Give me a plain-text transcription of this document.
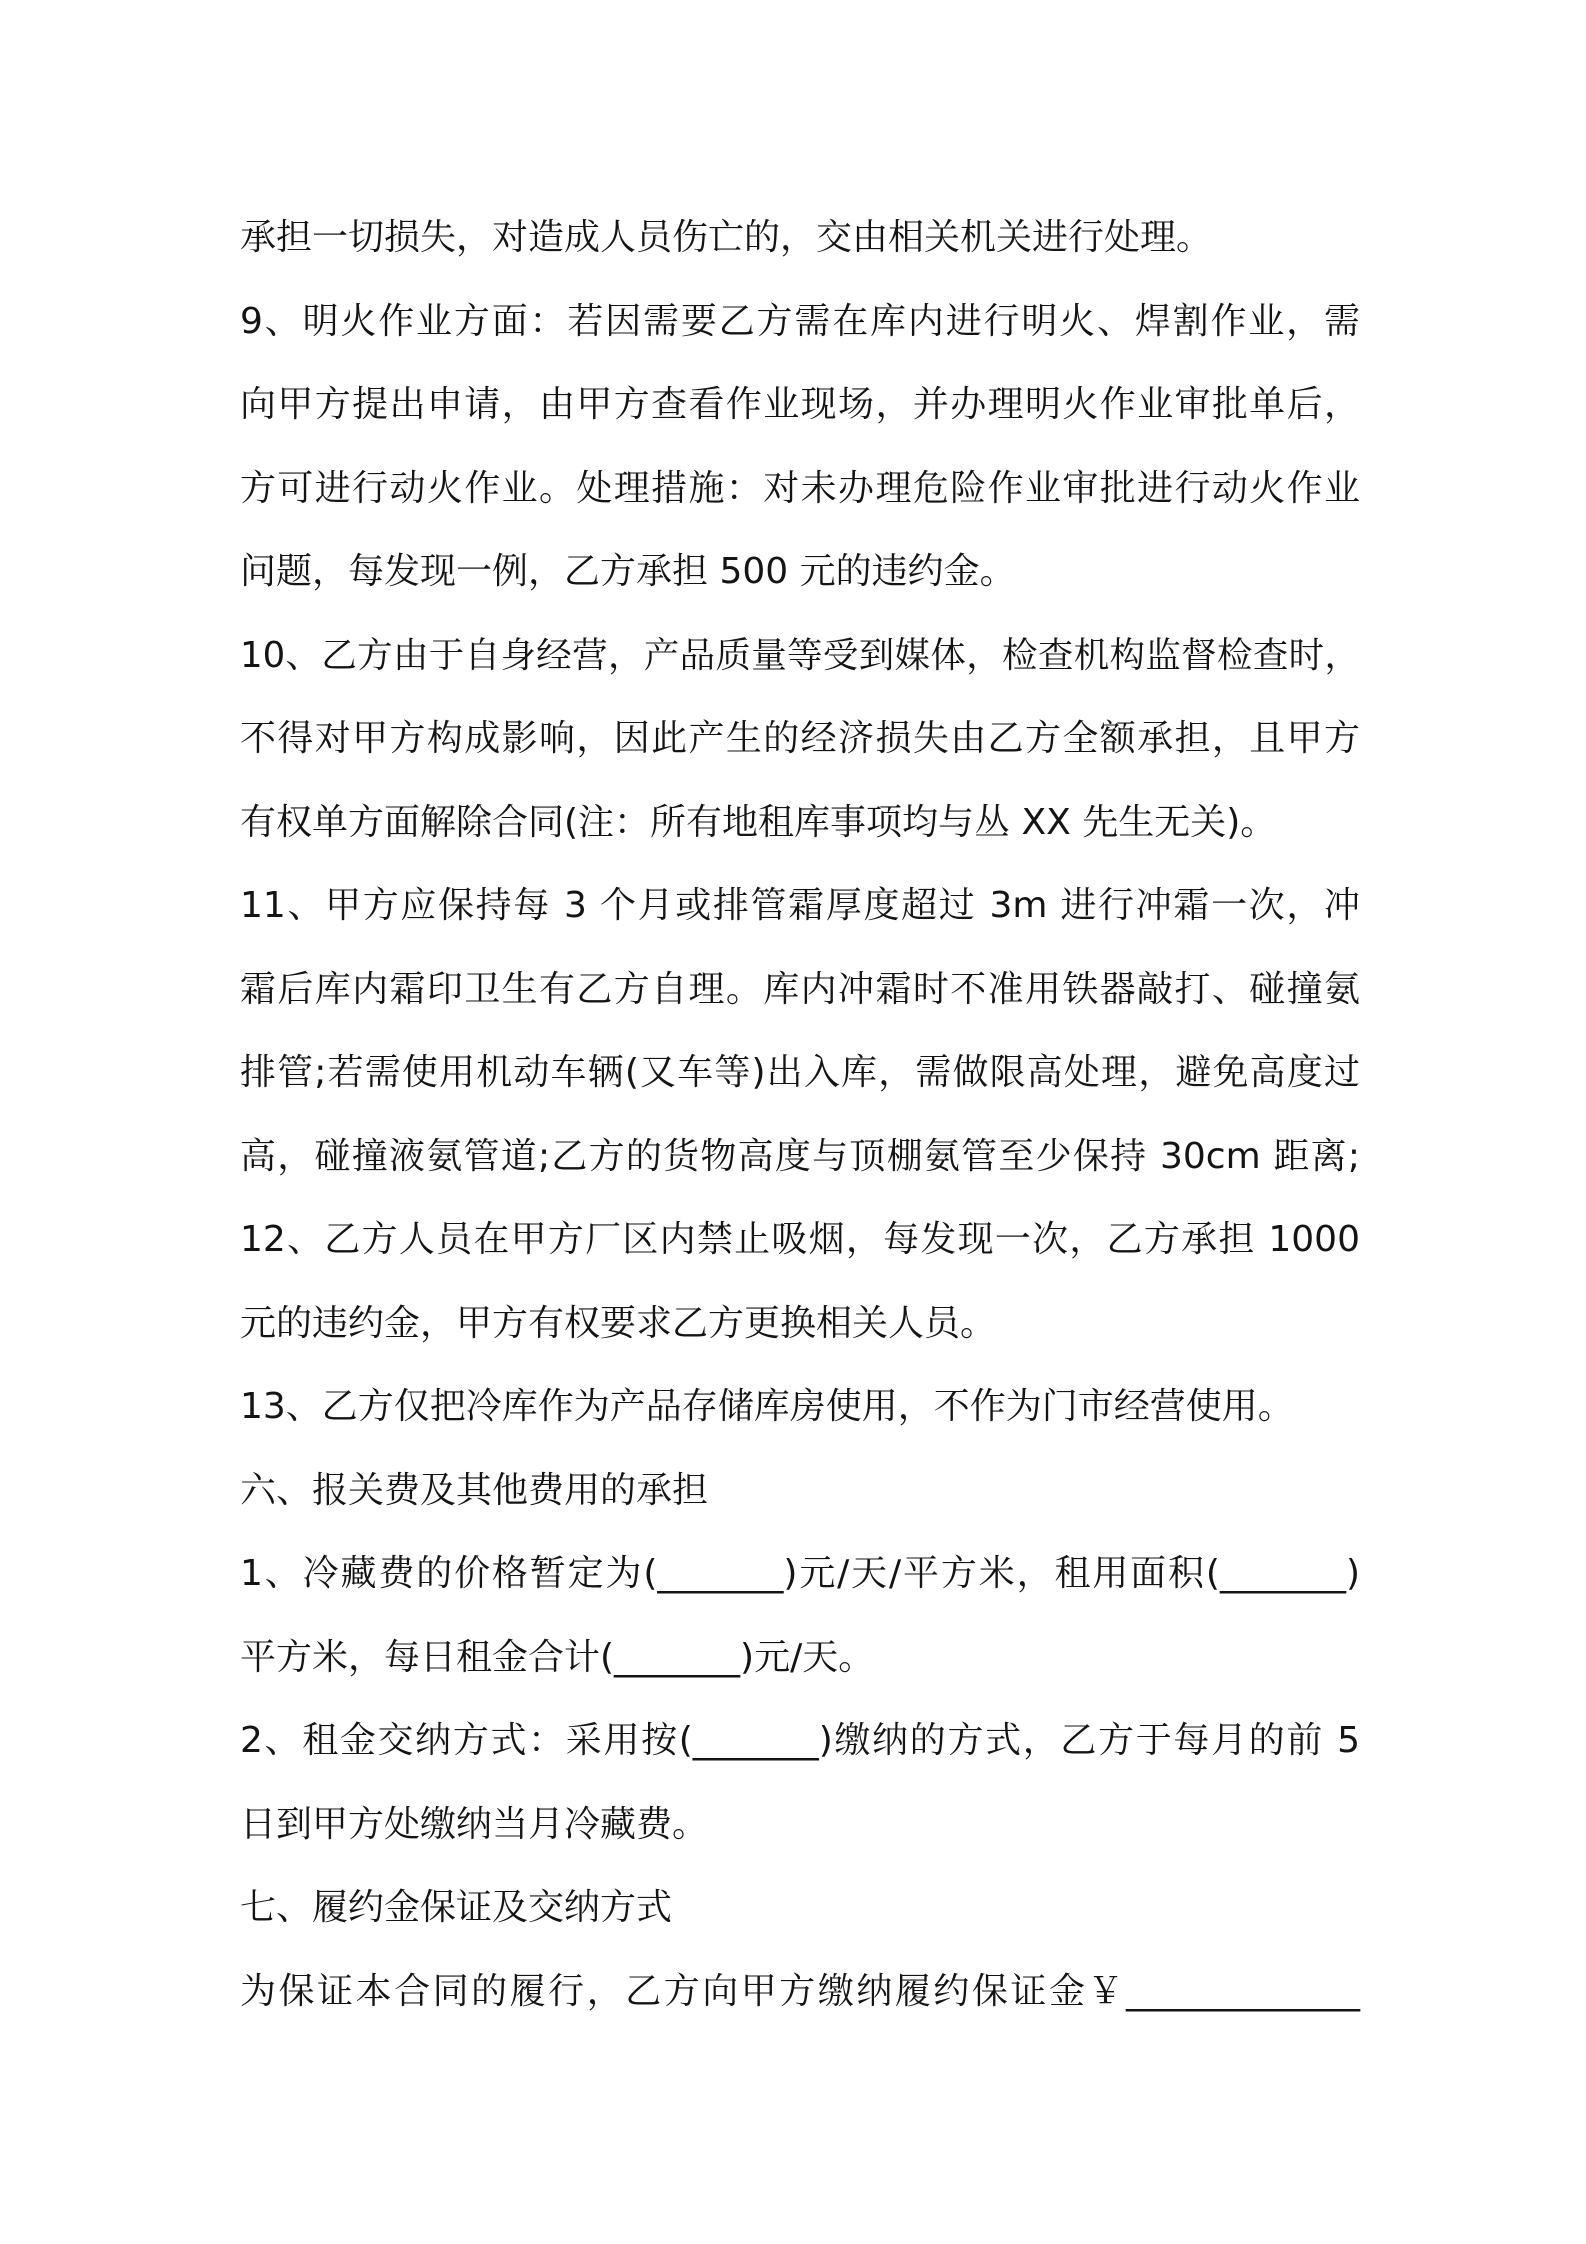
承担一切损失，对造成人员伤亡的，交由相关机关进行处理。
9、明火作业方面：若因需要乙方需在库内进行明火、焊割作业，需
向甲方提出申请，由甲方查看作业现场，并办理明火作业审批单后，
方可进行动火作业。处理措施：对未办理危险作业审批进行动火作业
问题，每发现一例，乙方承担 500 元的违约金。
10、乙方由于自身经营，产品质量等受到媒体，检查机构监督检查时，
不得对甲方构成影响，因此产生的经济损失由乙方全额承担，且甲方
有权单方面解除合同(注：所有地租库事项均与丛 XX 先生无关)。
11、甲方应保持每 3 个月或排管霜厚度超过 3m 进行冲霜一次，冲
霜后库内霜印卫生有乙方自理。库内冲霜时不准用铁器敲打、碰撞氨
排管;若需使用机动车辆(又车等)出入库，需做限高处理，避免高度过
高，碰撞液氨管道;乙方的货物高度与顶棚氨管至少保持 30cm 距离;
12、乙方人员在甲方厂区内禁止吸烟，每发现一次，乙方承担 1000
元的违约金，甲方有权要求乙方更换相关人员。
13、乙方仅把冷库作为产品存储库房使用，不作为门市经营使用。
六、报关费及其他费用的承担
1、冷藏费的价格暂定为(_______)元/天/平方米，租用面积(_______)
平方米，每日租金合计(_______)元/天。
2、租金交纳方式：采用按(_______)缴纳的方式，乙方于每月的前 5
日到甲方处缴纳当月冷藏费。
七、履约金保证及交纳方式
为保证本合同的履行，乙方向甲方缴纳履约保证金￥_____________
